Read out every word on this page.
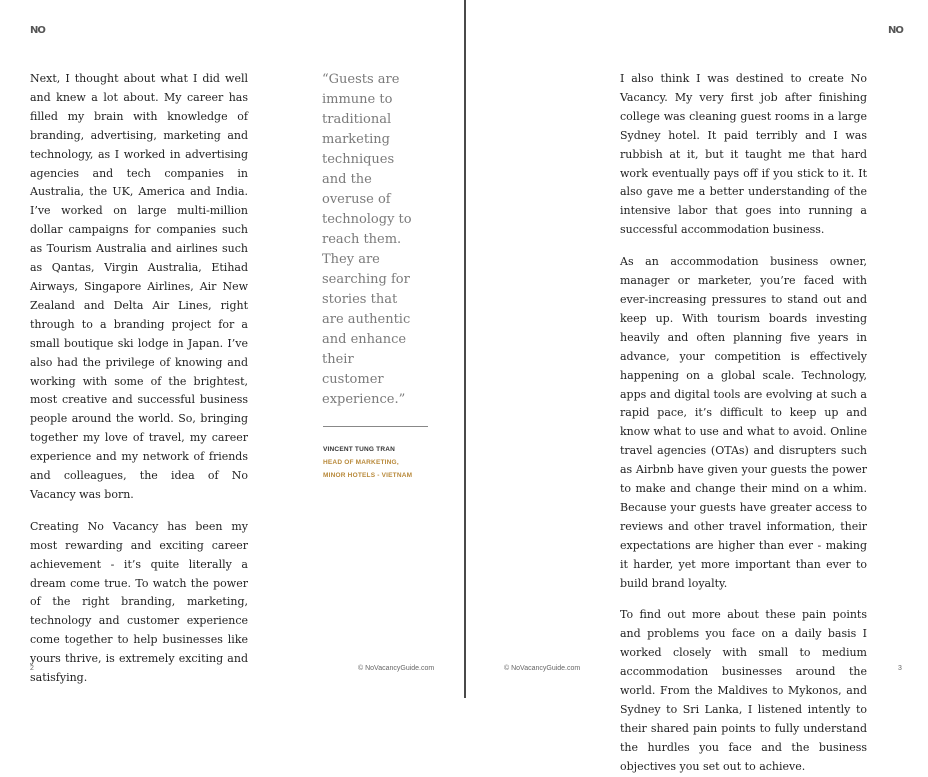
NO

Next, I thought about what I did well and knew a lot about. My career has filled my brain with knowledge of branding, advertising, marketing and technology, as I worked in advertising agencies and tech companies in Australia, the UK, America and India. I’ve worked on large multi-million dollar campaigns for companies such as Tourism Australia and airlines such as Qantas, Virgin Australia, Etihad Airways, Singapore Airlines, Air New Zealand and Delta Air Lines, right through to a branding project for a small boutique ski lodge in Japan. I’ve also had the privilege of knowing and working with some of the brightest, most creative and successful business people around the world. So, bringing together my love of travel, my career experience and my network of friends and colleagues, the idea of No Vacancy was born.

Creating No Vacancy has been my most rewarding and exciting career achievement - it’s quite literally a dream come true. To watch the power of the right branding, marketing, technology and customer experience come together to help businesses like yours thrive, is extremely exciting and satisfying.

“Guests are immune to traditional marketing techniques and the overuse of technology to reach them. They are searching for stories that are authentic and enhance their customer experience.”
VINCENT TUNG TRAN
HEAD OF MARKETING,
MINOR HOTELS - VIETNAM
2	© NoVacancyGuide.com
NO

I also think I was destined to create No Vacancy. My very first job after finishing college was cleaning guest rooms in a large Sydney hotel. It paid terribly and I was rubbish at it, but it taught me that hard work eventually pays off if you stick to it. It also gave me a better understanding of the intensive labor that goes into running a successful accommodation business.

As an accommodation business owner, manager or marketer, you’re faced with ever-increasing pressures to stand out and keep up. With tourism boards investing heavily and often planning five years in advance, your competition is effectively happening on a global scale. Technology, apps and digital tools are evolving at such a rapid pace, it’s difficult to keep up and know what to use and what to avoid. Online travel agencies (OTAs) and disrupters such as Airbnb have given your guests the power to make and change their mind on a whim. Because your guests have greater access to reviews and other travel information, their expectations are higher than ever - making it harder, yet more important than ever to build brand loyalty.

To find out more about these pain points and problems you face on a daily basis I worked closely with small to medium accommodation businesses around the world. From the Maldives to Mykonos, and Sydney to Sri Lanka, I listened intently to their shared pain points to fully understand the hurdles you face and the business objectives you set out to achieve.

© NoVacancyGuide.com	3
